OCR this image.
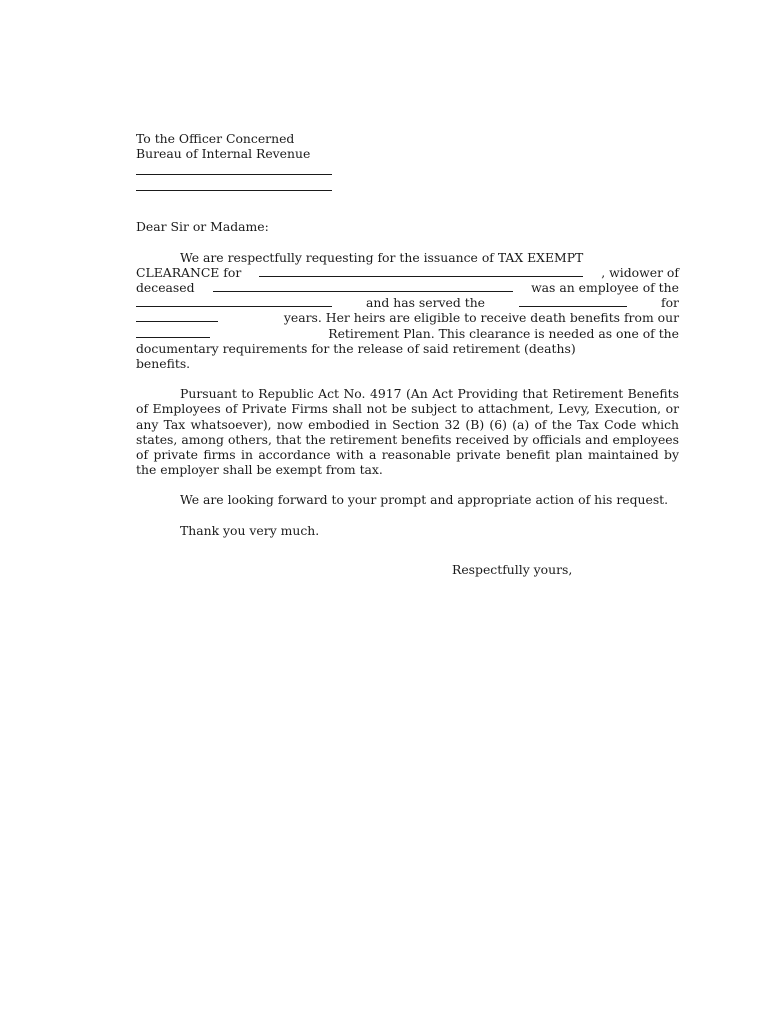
To the Officer Concerned
Bureau of Internal Revenue
Dear Sir or Madame:
We are respectfully requesting for the issuance of TAX EXEMPT
CLEARANCE for	, widower of
deceased	was an employee of the
and has served the	for
years. Her heirs are eligible to receive death benefits from our
Retirement Plan. This clearance is needed as one of the
documentary requirements for the release of said retirement (deaths)
benefits.
Pursuant to Republic Act No. 4917 (An Act Providing that Retirement Benefits of Employees of Private Firms shall not be subject to attachment, Levy, Execution, or any Tax whatsoever), now embodied in Section 32 (B) (6) (a) of the Tax Code which states, among others, that the retirement benefits received by officials and employees of private firms in accordance with a reasonable private benefit plan maintained by the employer shall be exempt from tax.
We are looking forward to your prompt and appropriate action of his request.
Thank you very much.
Respectfully yours,
